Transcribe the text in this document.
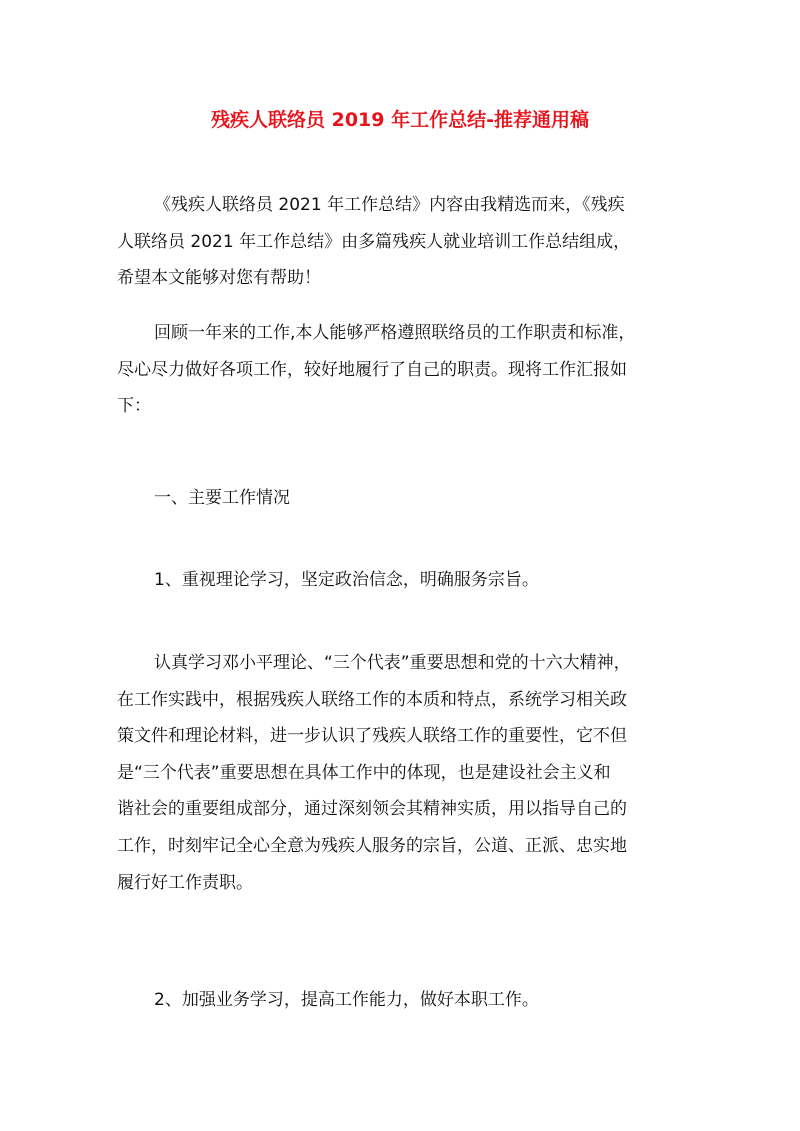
残疾人联络员 2019 年工作总结-推荐通用稿
《残疾人联络员 2021 年工作总结》内容由我精选而来，《残疾
人联络员 2021 年工作总结》由多篇残疾人就业培训工作总结组成，
希望本文能够对您有帮助！
回顾一年来的工作,本人能够严格遵照联络员的工作职责和标准，
尽心尽力做好各项工作，较好地履行了自己的职责。现将工作汇报如
下：
一、主要工作情况
1、重视理论学习，坚定政治信念，明确服务宗旨。
认真学习邓小平理论、“三个代表”重要思想和党的十六大精神，
在工作实践中，根据残疾人联络工作的本质和特点，系统学习相关政
策文件和理论材料，进一步认识了残疾人联络工作的重要性，它不但
是“三个代表”重要思想在具体工作中的体现，也是建设社会主义和
谐社会的重要组成部分，通过深刻领会其精神实质，用以指导自己的
工作，时刻牢记全心全意为残疾人服务的宗旨，公道、正派、忠实地
履行好工作责职。
2、加强业务学习，提高工作能力，做好本职工作。
